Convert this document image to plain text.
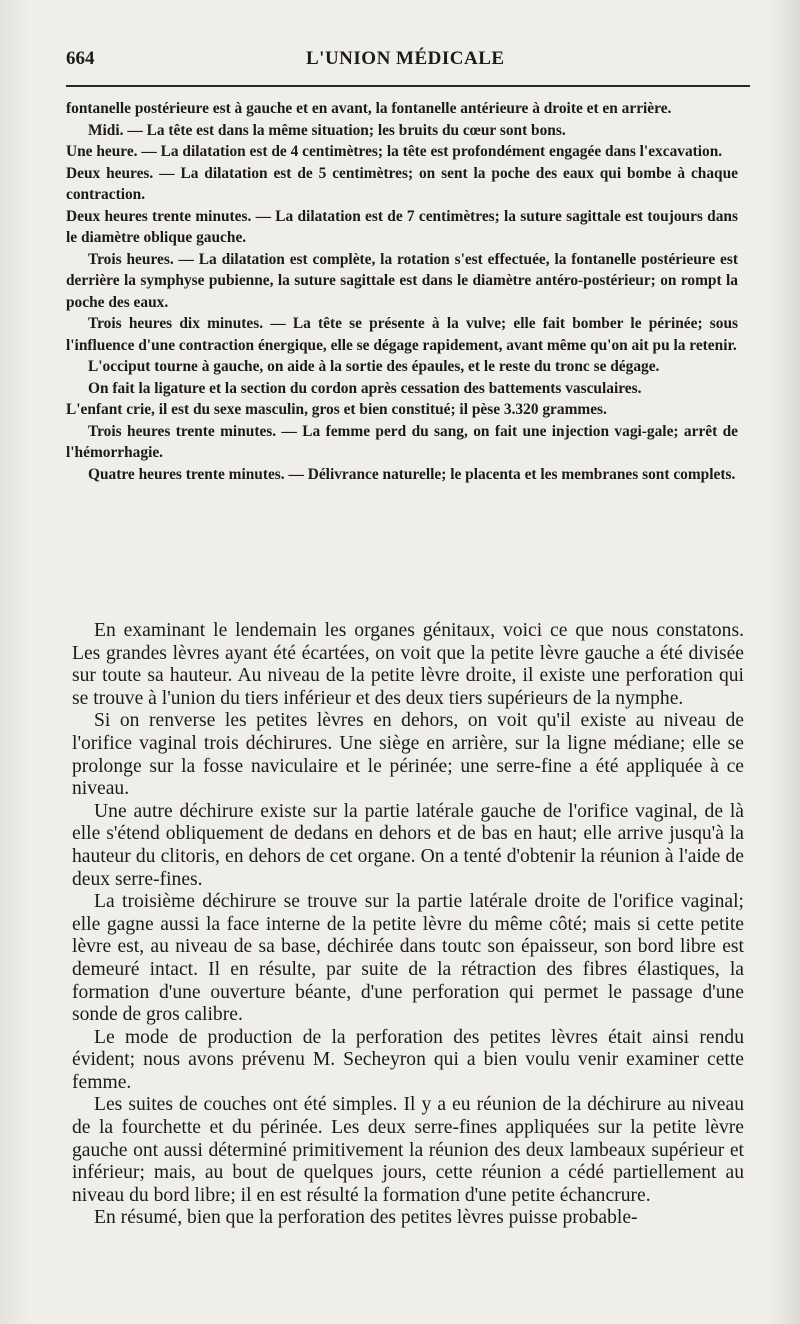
664	L'UNION MÉDICALE

fontanelle postérieure est à gauche et en avant, la fontanelle antérieure à droite et en arrière.

Midi. — La tête est dans la même situation; les bruits du cœur sont bons.

Une heure. — La dilatation est de 4 centimètres; la tête est profondément engagée dans l'excavation.

Deux heures. — La dilatation est de 5 centimètres; on sent la poche des eaux qui bombe à chaque contraction.

Deux heures trente minutes. — La dilatation est de 7 centimètres; la suture sagittale est toujours dans le diamètre oblique gauche.

Trois heures. — La dilatation est complète, la rotation s'est effectuée, la fontanelle postérieure est derrière la symphyse pubienne, la suture sagittale est dans le diamètre antéro-postérieur; on rompt la poche des eaux.

Trois heures dix minutes. — La tête se présente à la vulve; elle fait bomber le périnée; sous l'influence d'une contraction énergique, elle se dégage rapidement, avant même qu'on ait pu la retenir.

L'occiput tourne à gauche, on aide à la sortie des épaules, et le reste du tronc se dégage.

On fait la ligature et la section du cordon après cessation des battements vasculaires.

L'enfant crie, il est du sexe masculin, gros et bien constitué; il pèse 3.320 grammes.

Trois heures trente minutes. — La femme perd du sang, on fait une injection vagi-gale; arrêt de l'hémorrhagie.

Quatre heures trente minutes. — Délivrance naturelle; le placenta et les membranes sont complets.

En examinant le lendemain les organes génitaux, voici ce que nous constatons. Les grandes lèvres ayant été écartées, on voit que la petite lèvre gauche a été divisée sur toute sa hauteur. Au niveau de la petite lèvre droite, il existe une perforation qui se trouve à l'union du tiers inférieur et des deux tiers supérieurs de la nymphe.

Si on renverse les petites lèvres en dehors, on voit qu'il existe au niveau de l'orifice vaginal trois déchirures. Une siège en arrière, sur la ligne médiane; elle se prolonge sur la fosse naviculaire et le périnée; une serre-fine a été appliquée à ce niveau.

Une autre déchirure existe sur la partie latérale gauche de l'orifice vaginal, de là elle s'étend obliquement de dedans en dehors et de bas en haut; elle arrive jusqu'à la hauteur du clitoris, en dehors de cet organe. On a tenté d'obtenir la réunion à l'aide de deux serre-fines.

La troisième déchirure se trouve sur la partie latérale droite de l'orifice vaginal; elle gagne aussi la face interne de la petite lèvre du même côté; mais si cette petite lèvre est, au niveau de sa base, déchirée dans toutc son épaisseur, son bord libre est demeuré intact. Il en résulte, par suite de la rétraction des fibres élastiques, la formation d'une ouverture béante, d'une perforation qui permet le passage d'une sonde de gros calibre.

Le mode de production de la perforation des petites lèvres était ainsi rendu évident; nous avons prévenu M. Secheyron qui a bien voulu venir examiner cette femme.

Les suites de couches ont été simples. Il y a eu réunion de la déchirure au niveau de la fourchette et du périnée. Les deux serre-fines appliquées sur la petite lèvre gauche ont aussi déterminé primitivement la réunion des deux lambeaux supérieur et inférieur; mais, au bout de quelques jours, cette réunion a cédé partiellement au niveau du bord libre; il en est résulté la formation d'une petite échancrure.

En résumé, bien que la perforation des petites lèvres puisse probable-
